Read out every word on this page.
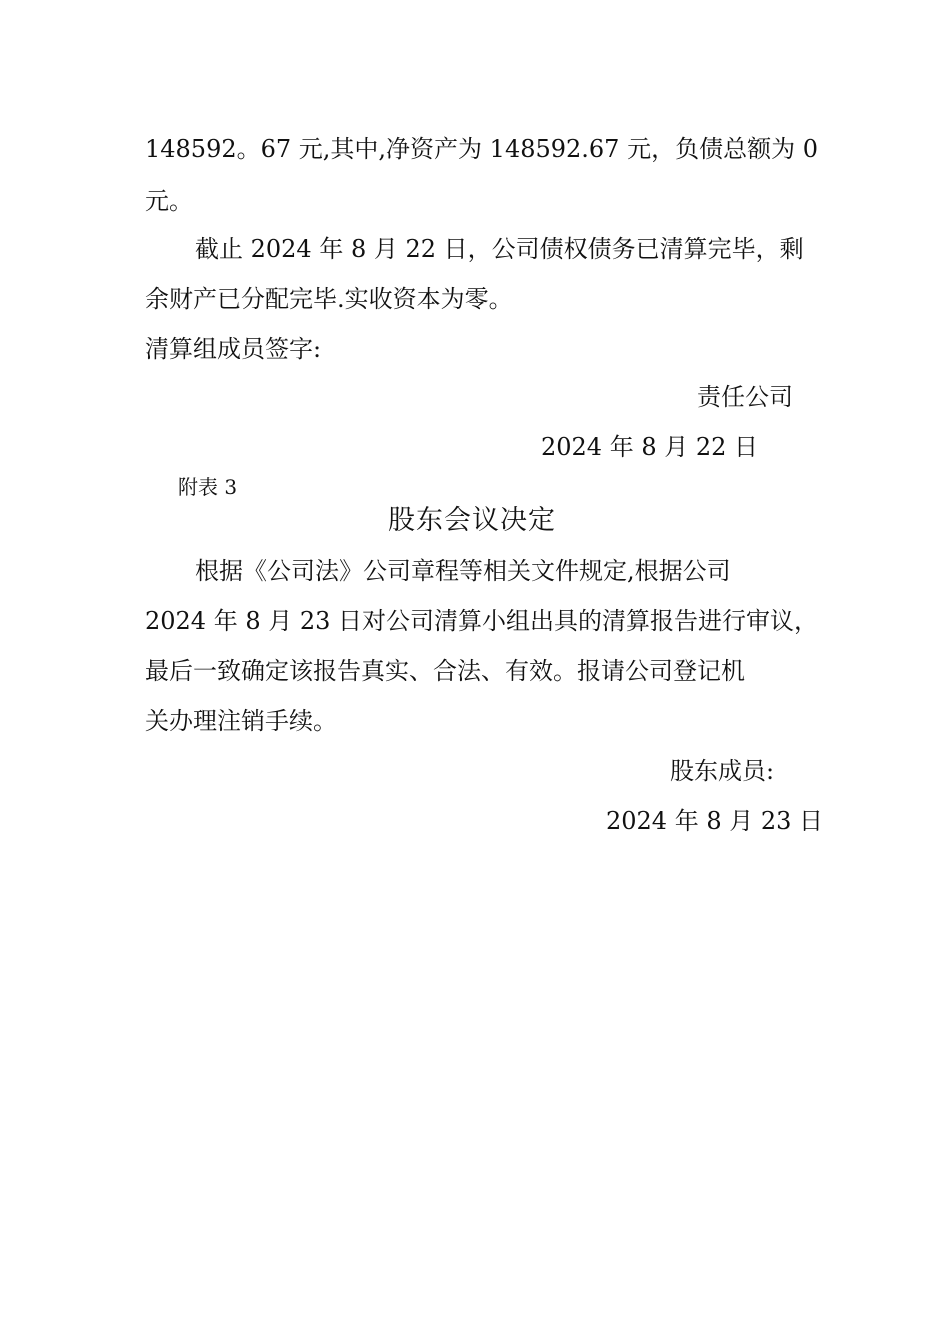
148592。67 元,其中,净资产为 148592.67 元，负债总额为 0
元。
截止 2024 年 8 月 22 日，公司债权债务已清算完毕，剩
余财产已分配完毕.实收资本为零。
清算组成员签字:
责任公司
2024 年 8 月 22 日
附表 3
股东会议决定
根据《公司法》公司章程等相关文件规定,根据公司
2024 年 8 月 23 日对公司清算小组出具的清算报告进行审议，
最后一致确定该报告真实、合法、有效。报请公司登记机
关办理注销手续。
股东成员:
2024 年 8 月 23 日
